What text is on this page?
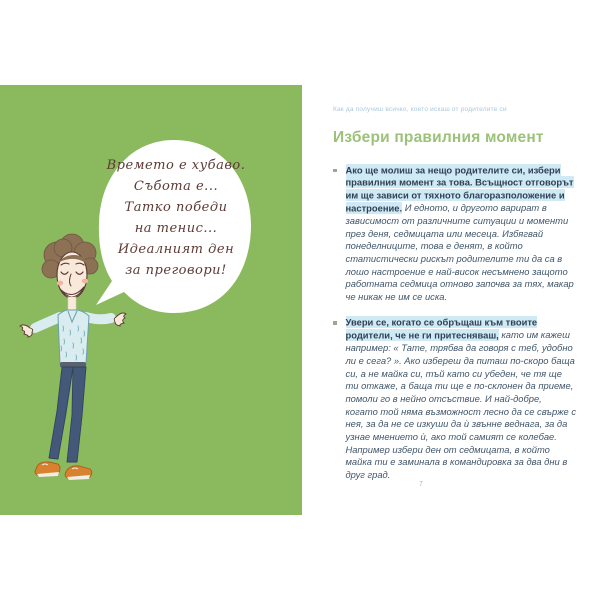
Времето е хубаво.
Събота е...
Татко победи
на тенис...
Идеалният ден
за преговори!
Как да получиш всичко, което искаш от родителите си
Избери правилния момент
Ако ще молиш за нещо родителите си, избери правилния момент за това. Всъщност отговорът им ще зависи от тяхното благоразположение и настроение. И едното, и другото варират в зависимост от различните ситуации и моменти през деня, седмицата или месеца. Избягвай понеделниците, това е денят, в който статистически рискът родителите ти да са в лошо настроение е най-висок несъмнено защото работната седмица отново започва за тях, макар че никак не им се иска.
Увери се, когато се обръщаш към твоите родители, че не ги притесняваш, като им кажеш например: « Тате, трябва да говоря с теб, удобно ли е сега? ». Ако избереш да питаш по-скоро баща си, а не майка си, тъй като си убеден, че тя ще ти откаже, а баща ти ще е по-склонен да приеме, помоли го в нейно отсъствие. И най-добре, когато той няма възможност лесно да се свърже с нея, за да не се изкуши да ѝ звънне веднага, за да узнае мнението ѝ, ако той самият се колебае. Например избери ден от седмицата, в който майка ти е заминала в командировка за два дни в друг град.
7
